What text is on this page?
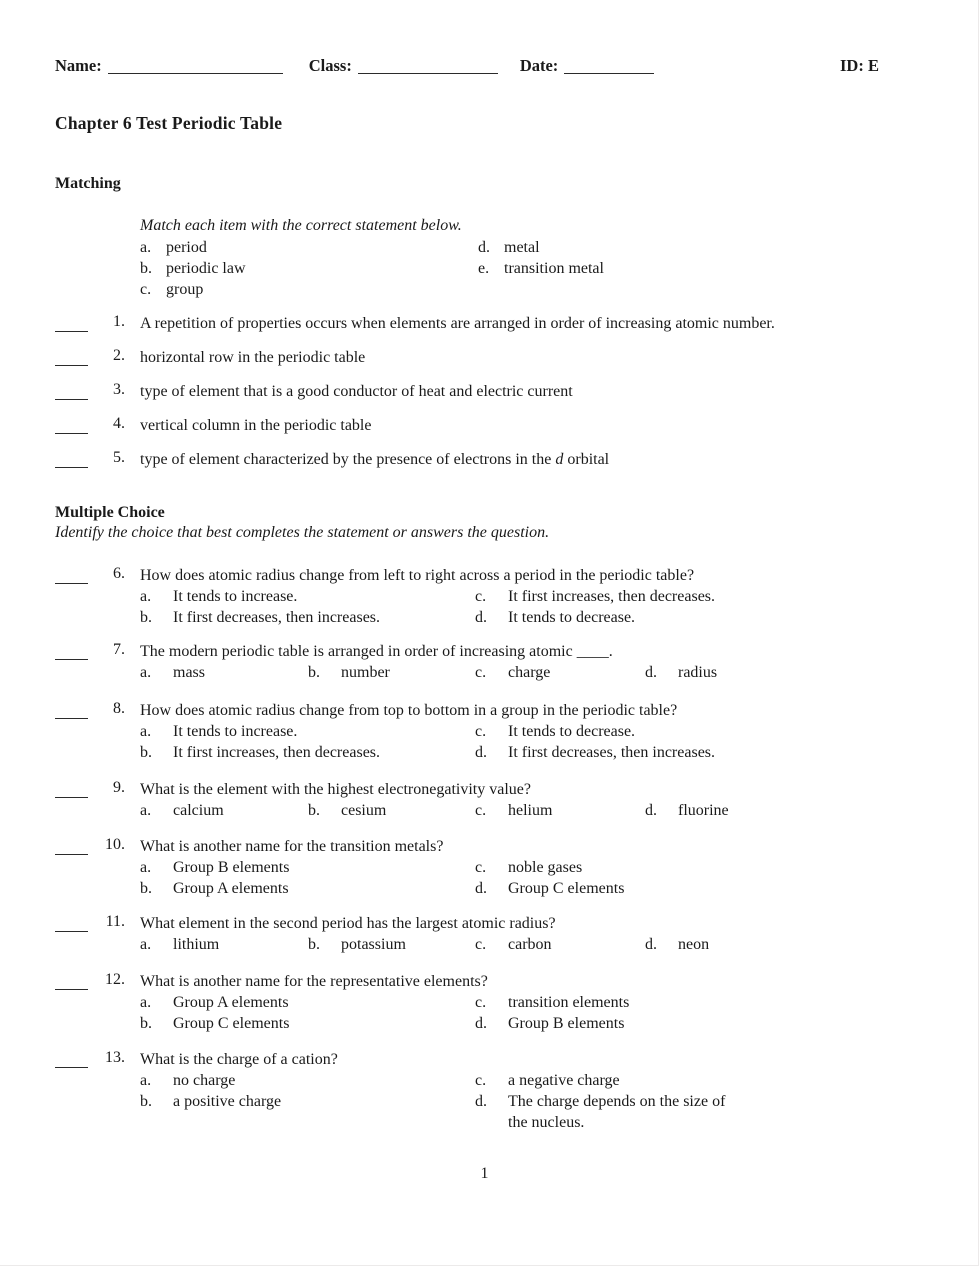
Name:	Class:	Date:	ID: E
Chapter 6 Test Periodic Table
Matching
Match each item with the correct statement below.
a. period	d. metal
b. periodic law	e. transition metal
c. group
1. A repetition of properties occurs when elements are arranged in order of increasing atomic number.
2. horizontal row in the periodic table
3. type of element that is a good conductor of heat and electric current
4. vertical column in the periodic table
5. type of element characterized by the presence of electrons in the d orbital
Multiple Choice
Identify the choice that best completes the statement or answers the question.
6. How does atomic radius change from left to right across a period in the periodic table?
a. It tends to increase.	c. It first increases, then decreases.
b. It first decreases, then increases.	d. It tends to decrease.
7. The modern periodic table is arranged in order of increasing atomic ____.
a. mass	b. number	c. charge	d. radius
8. How does atomic radius change from top to bottom in a group in the periodic table?
a. It tends to increase.	c. It tends to decrease.
b. It first increases, then decreases.	d. It first decreases, then increases.
9. What is the element with the highest electronegativity value?
a. calcium	b. cesium	c. helium	d. fluorine
10. What is another name for the transition metals?
a. Group B elements	c. noble gases
b. Group A elements	d. Group C elements
11. What element in the second period has the largest atomic radius?
a. lithium	b. potassium	c. carbon	d. neon
12. What is another name for the representative elements?
a. Group A elements	c. transition elements
b. Group C elements	d. Group B elements
13. What is the charge of a cation?
a. no charge	c. a negative charge
b. a positive charge	d. The charge depends on the size of the nucleus.
1
